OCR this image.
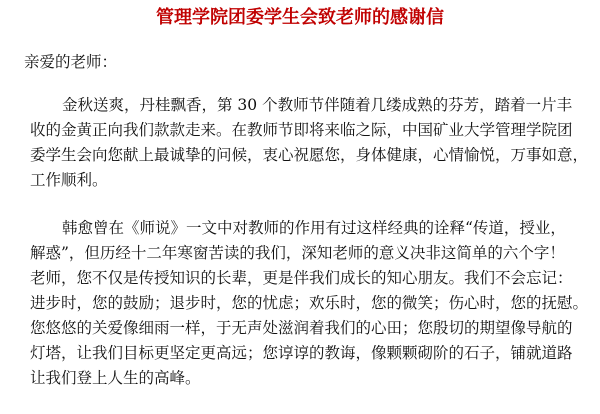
管理学院团委学生会致老师的感谢信
亲爱的老师：
金秋送爽，丹桂飘香，第 30 个教师节伴随着几缕成熟的芬芳，踏着一片丰
收的金黄正向我们款款走来。在教师节即将来临之际，中国矿业大学管理学院团
委学生会向您献上最诚挚的问候，衷心祝愿您，身体健康，心情愉悦，万事如意，
工作顺利。
韩愈曾在《师说》一文中对教师的作用有过这样经典的诠释“传道，授业，
解惑”，但历经十二年寒窗苦读的我们，深知老师的意义决非这简单的六个字！
老师，您不仅是传授知识的长辈，更是伴我们成长的知心朋友。我们不会忘记：
进步时，您的鼓励；退步时，您的忧虑；欢乐时，您的微笑；伤心时，您的抚慰。
您悠悠的关爱像细雨一样，于无声处滋润着我们的心田；您殷切的期望像导航的
灯塔，让我们目标更坚定更高远；您谆谆的教诲，像颗颗砌阶的石子，铺就道路
让我们登上人生的高峰。
